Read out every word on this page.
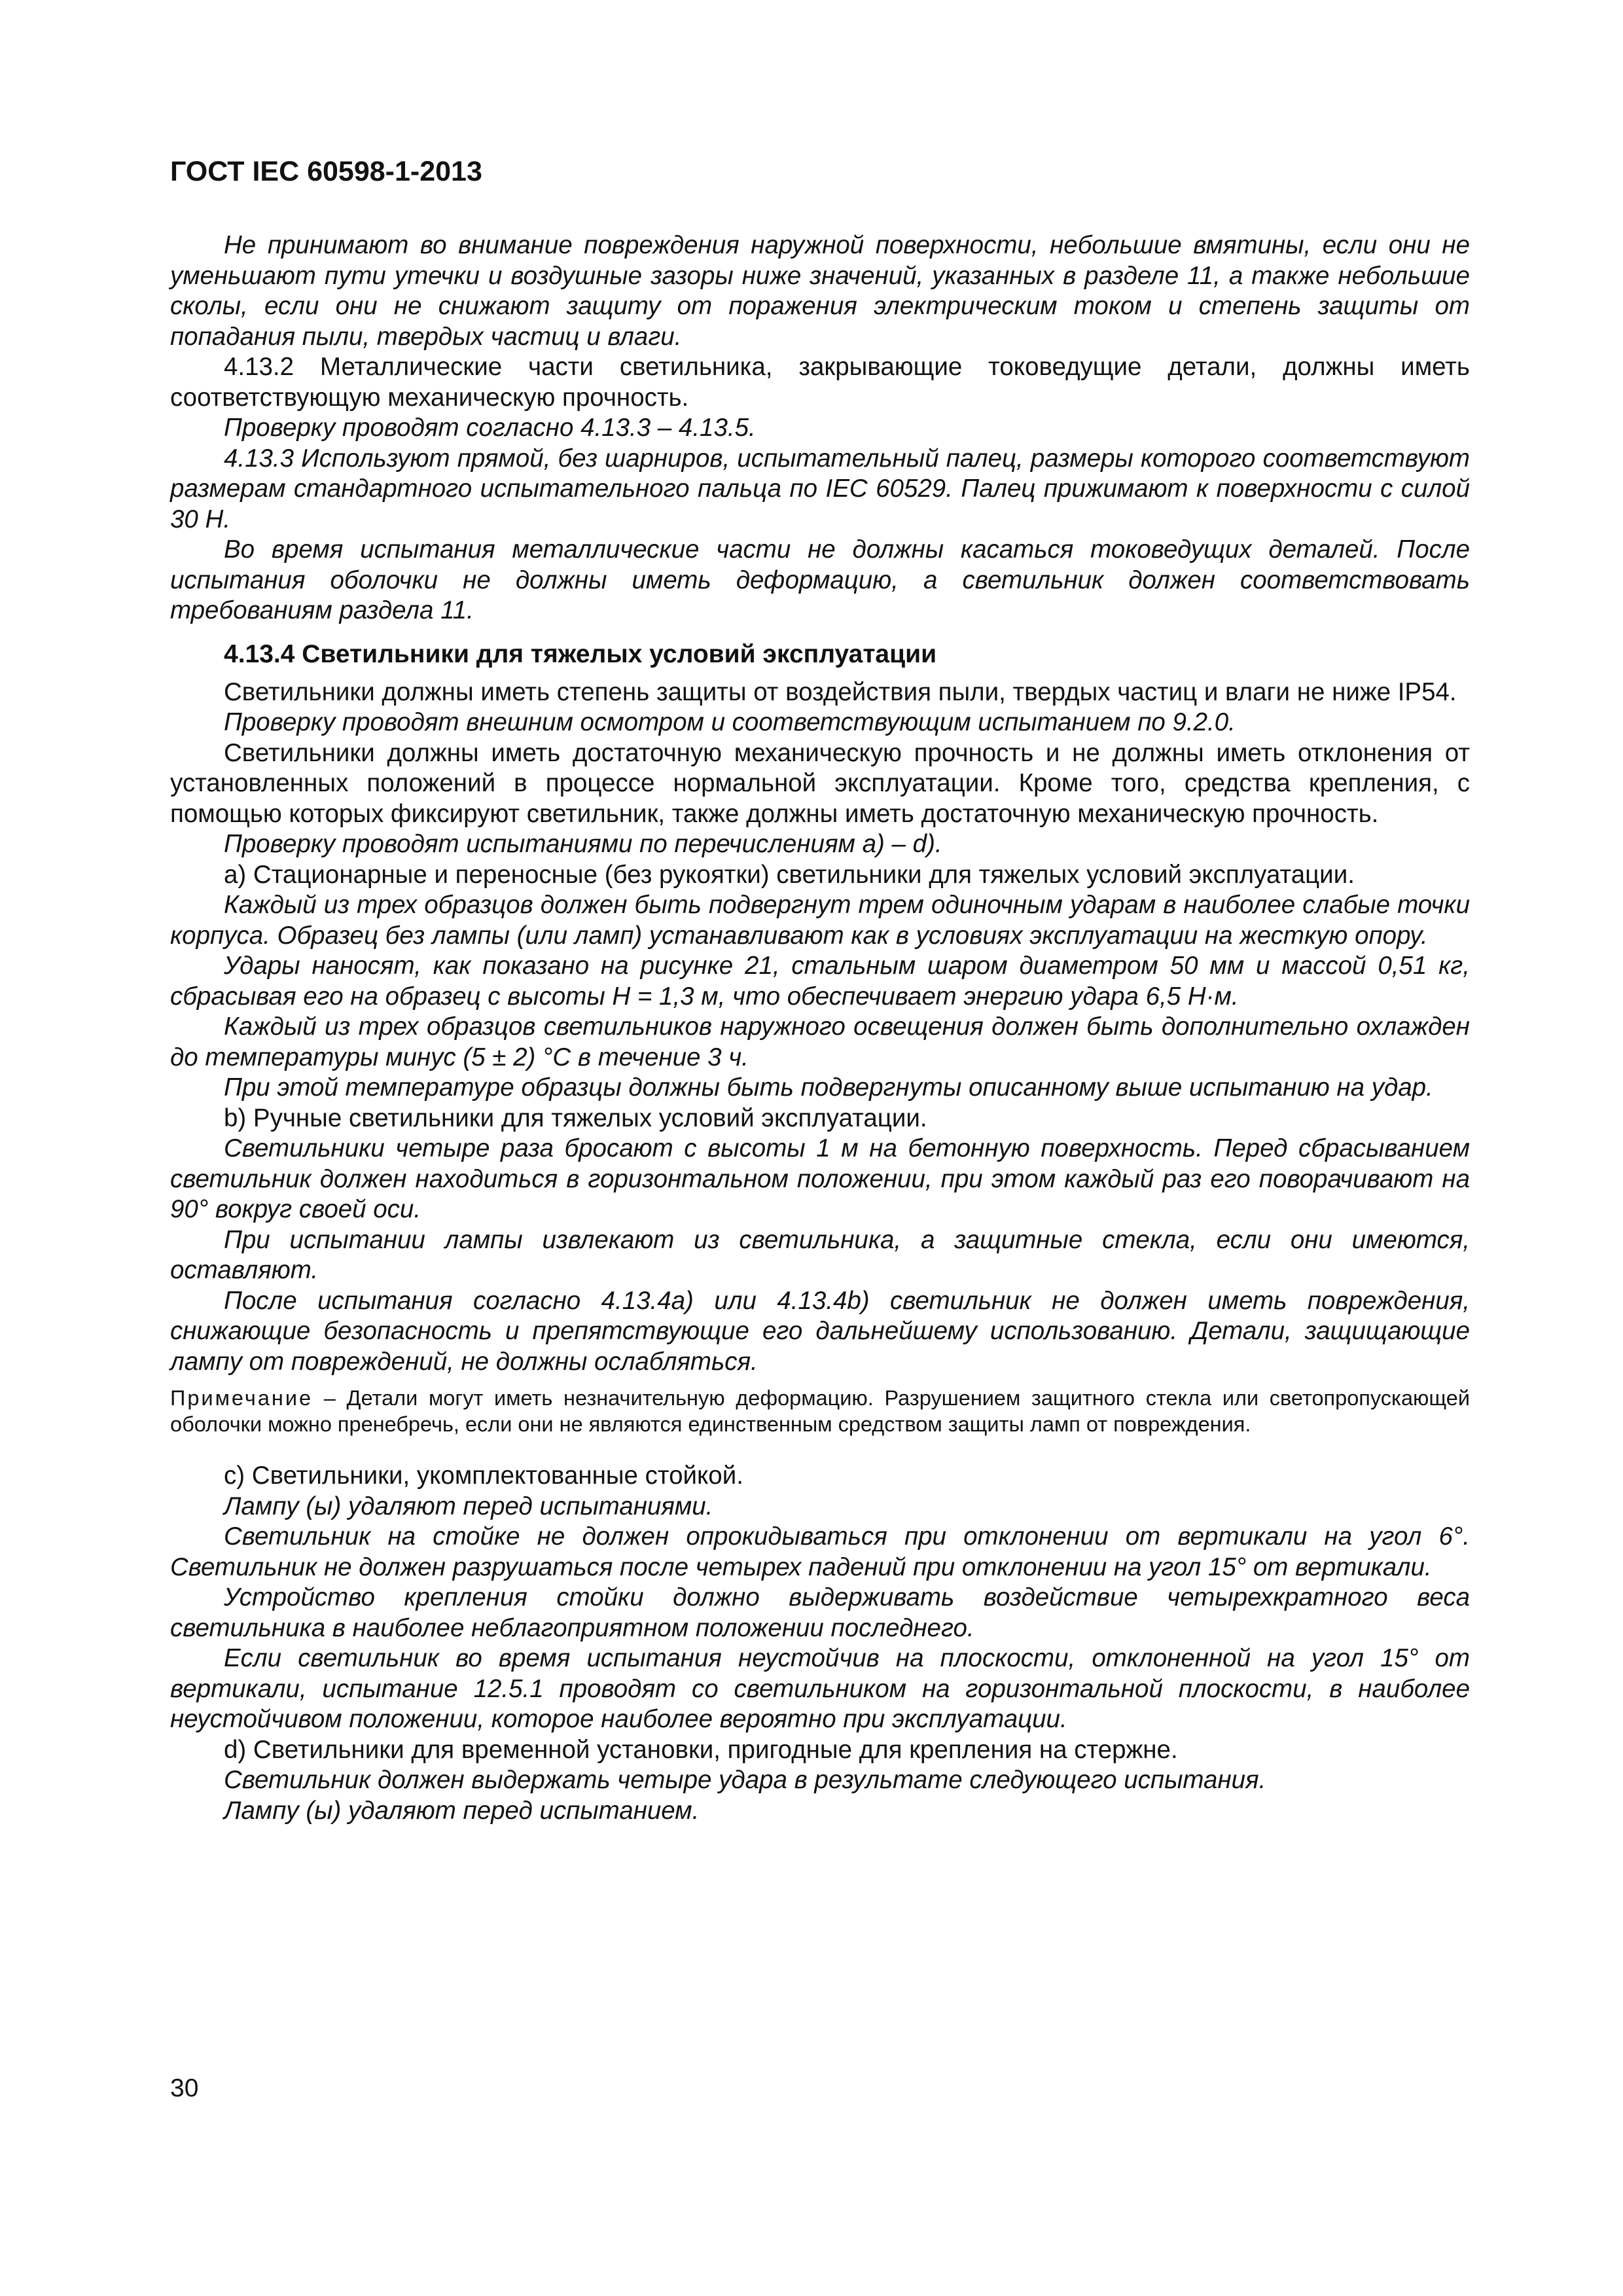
ГОСТ IEC 60598-1-2013

Не принимают во внимание повреждения наружной поверхности, небольшие вмятины, если они не уменьшают пути утечки и воздушные зазоры ниже значений, указанных в разделе 11, а также небольшие сколы, если они не снижают защиту от поражения электрическим током и степень защиты от попадания пыли, твердых частиц и влаги.

4.13.2 Металлические части светильника, закрывающие токоведущие детали, должны иметь соответствующую механическую прочность.

Проверку проводят согласно 4.13.3 – 4.13.5.

4.13.3 Используют прямой, без шарниров, испытательный палец, размеры которого соответствуют размерам стандартного испытательного пальца по IEC 60529. Палец прижимают к поверхности с силой 30 Н.

Во время испытания металлические части не должны касаться токоведущих деталей. После испытания оболочки не должны иметь деформацию, а светильник должен соответствовать требованиям раздела 11.

4.13.4 Светильники для тяжелых условий эксплуатации

Светильники должны иметь степень защиты от воздействия пыли, твердых частиц и влаги не ниже IP54.

Проверку проводят внешним осмотром и соответствующим испытанием по 9.2.0.

Светильники должны иметь достаточную механическую прочность и не должны иметь отклонения от установленных положений в процессе нормальной эксплуатации. Кроме того, средства крепления, с помощью которых фиксируют светильник, также должны иметь достаточную механическую прочность.

Проверку проводят испытаниями по перечислениям a) – d).

a) Стационарные и переносные (без рукоятки) светильники для тяжелых условий эксплуатации.

Каждый из трех образцов должен быть подвергнут трем одиночным ударам в наиболее слабые точки корпуса. Образец без лампы (или ламп) устанавливают как в условиях эксплуатации на жесткую опору.

Удары наносят, как показано на рисунке 21, стальным шаром диаметром 50 мм и массой 0,51 кг, сбрасывая его на образец с высоты Н = 1,3 м, что обеспечивает энергию удара 6,5 Н·м.

Каждый из трех образцов светильников наружного освещения должен быть дополнительно охлажден до температуры минус (5 ± 2) °С в течение 3 ч.

При этой температуре образцы должны быть подвергнуты описанному выше испытанию на удар.

b) Ручные светильники для тяжелых условий эксплуатации.

Светильники четыре раза бросают с высоты 1 м на бетонную поверхность. Перед сбрасыванием светильник должен находиться в горизонтальном положении, при этом каждый раз его поворачивают на 90° вокруг своей оси.

При испытании лампы извлекают из светильника, а защитные стекла, если они имеются, оставляют.

После испытания согласно 4.13.4a) или 4.13.4b) светильник не должен иметь повреждения, снижающие безопасность и препятствующие его дальнейшему использованию. Детали, защищающие лампу от повреждений, не должны ослабляться.

Примечание – Детали могут иметь незначительную деформацию. Разрушением защитного стекла или светопропускающей оболочки можно пренебречь, если они не являются единственным средством защиты ламп от повреждения.

c) Светильники, укомплектованные стойкой.

Лампу (ы) удаляют перед испытаниями.

Светильник на стойке не должен опрокидываться при отклонении от вертикали на угол 6°. Светильник не должен разрушаться после четырех падений при отклонении на угол 15° от вертикали.

Устройство крепления стойки должно выдерживать воздействие четырехкратного веса светильника в наиболее неблагоприятном положении последнего.

Если светильник во время испытания неустойчив на плоскости, отклоненной на угол 15° от вертикали, испытание 12.5.1 проводят со светильником на горизонтальной плоскости, в наиболее неустойчивом положении, которое наиболее вероятно при эксплуатации.

d) Светильники для временной установки, пригодные для крепления на стержне.

Светильник должен выдержать четыре удара в результате следующего испытания.

Лампу (ы) удаляют перед испытанием.

30
